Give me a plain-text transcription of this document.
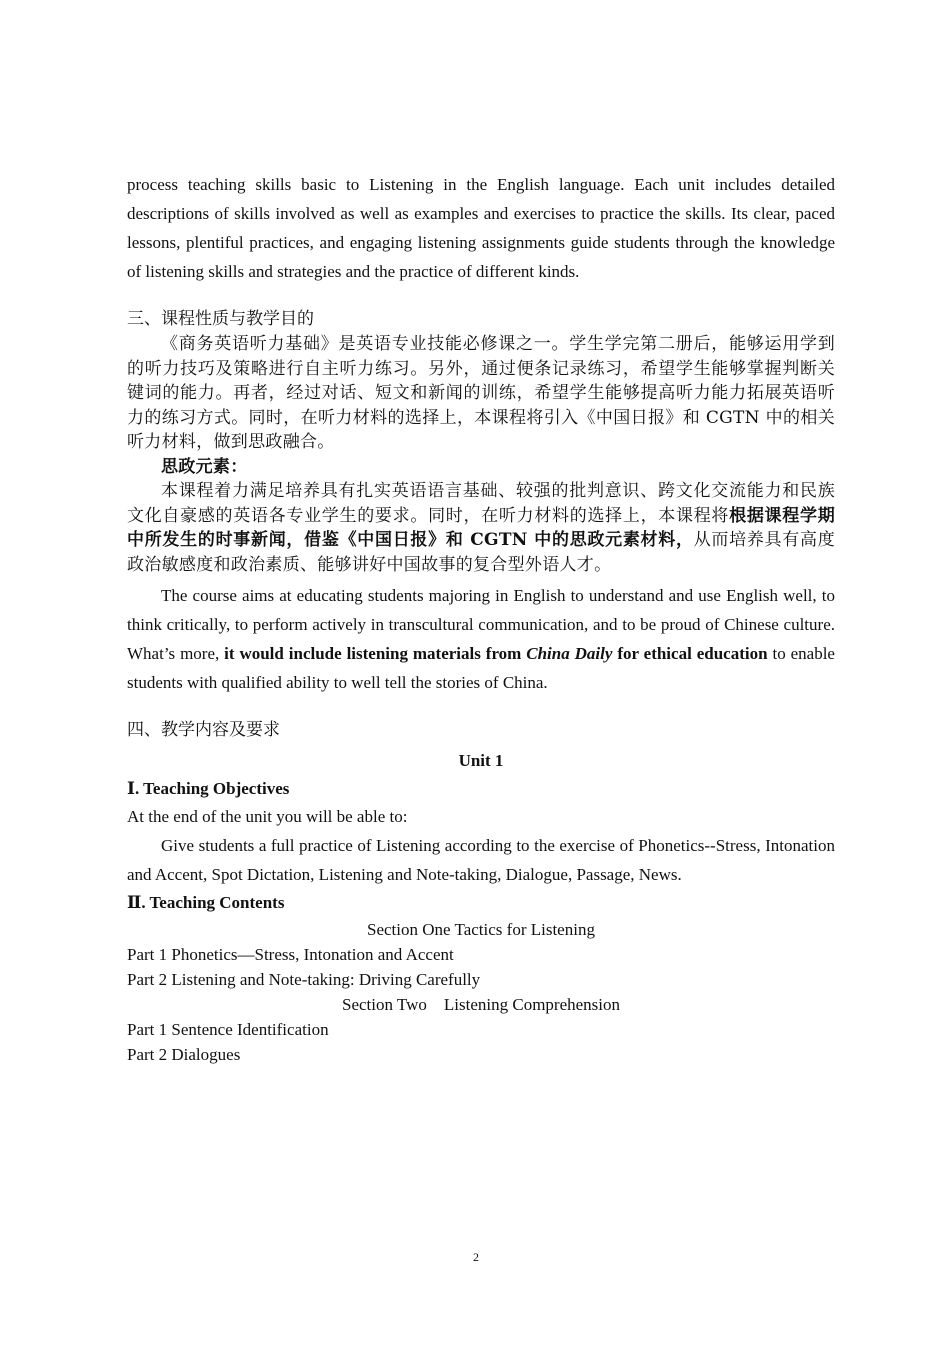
process teaching skills basic to Listening in the English language. Each unit includes detailed descriptions of skills involved as well as examples and exercises to practice the skills. Its clear, paced lessons, plentiful practices, and engaging listening assignments guide students through the knowledge of listening skills and strategies and the practice of different kinds.

三、课程性质与教学目的

《商务英语听力基础》是英语专业技能必修课之一。学生学完第二册后，能够运用学到的听力技巧及策略进行自主听力练习。另外，通过便条记录练习，希望学生能够掌握判断关键词的能力。再者，经过对话、短文和新闻的训练，希望学生能够提高听力能力拓展英语听力的练习方式。同时，在听力材料的选择上，本课程将引入《中国日报》和 CGTN 中的相关听力材料，做到思政融合。

思政元素：

本课程着力满足培养具有扎实英语语言基础、较强的批判意识、跨文化交流能力和民族文化自豪感的英语各专业学生的要求。同时，在听力材料的选择上，本课程将根据课程学期中所发生的时事新闻，借鉴《中国日报》和 CGTN 中的思政元素材料，从而培养具有高度政治敏感度和政治素质、能够讲好中国故事的复合型外语人才。

The course aims at educating students majoring in English to understand and use English well, to think critically, to perform actively in transcultural communication, and to be proud of Chinese culture. What’s more, it would include listening materials from China Daily for ethical education to enable students with qualified ability to well tell the stories of China.

四、教学内容及要求

Unit 1

Ⅰ. Teaching Objectives

At the end of the unit you will be able to:

Give students a full practice of Listening according to the exercise of Phonetics--Stress, Intonation and Accent, Spot Dictation, Listening and Note-taking, Dialogue, Passage, News.

Ⅱ. Teaching Contents

Section One Tactics for Listening

Part 1 Phonetics—Stress, Intonation and Accent

Part 2 Listening and Note-taking: Driving Carefully

Section Two    Listening Comprehension

Part 1 Sentence Identification

Part 2 Dialogues

2
